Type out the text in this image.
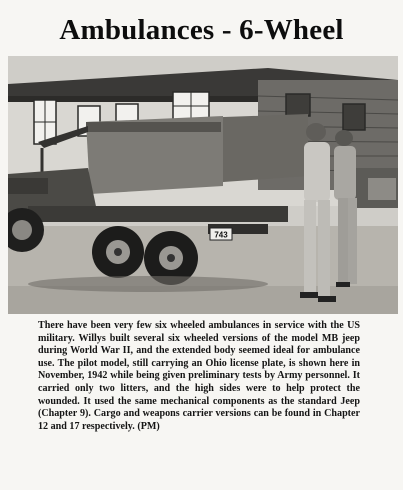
Ambulances - 6-Wheel
743
There have been very few six wheeled ambulances in service with the US military. Willys built several six wheeled versions of the model MB jeep during World War II, and the extended body seemed ideal for ambulance use. The pilot model, still carrying an Ohio license plate, is shown here in November, 1942 while being given preliminary tests by Army personnel. It carried only two litters, and the high sides were to help protect the wounded. It used the same mechanical components as the standard Jeep (Chapter 9). Cargo and weapons carrier versions can be found in Chapter 12 and 17 respectively. (PM)
